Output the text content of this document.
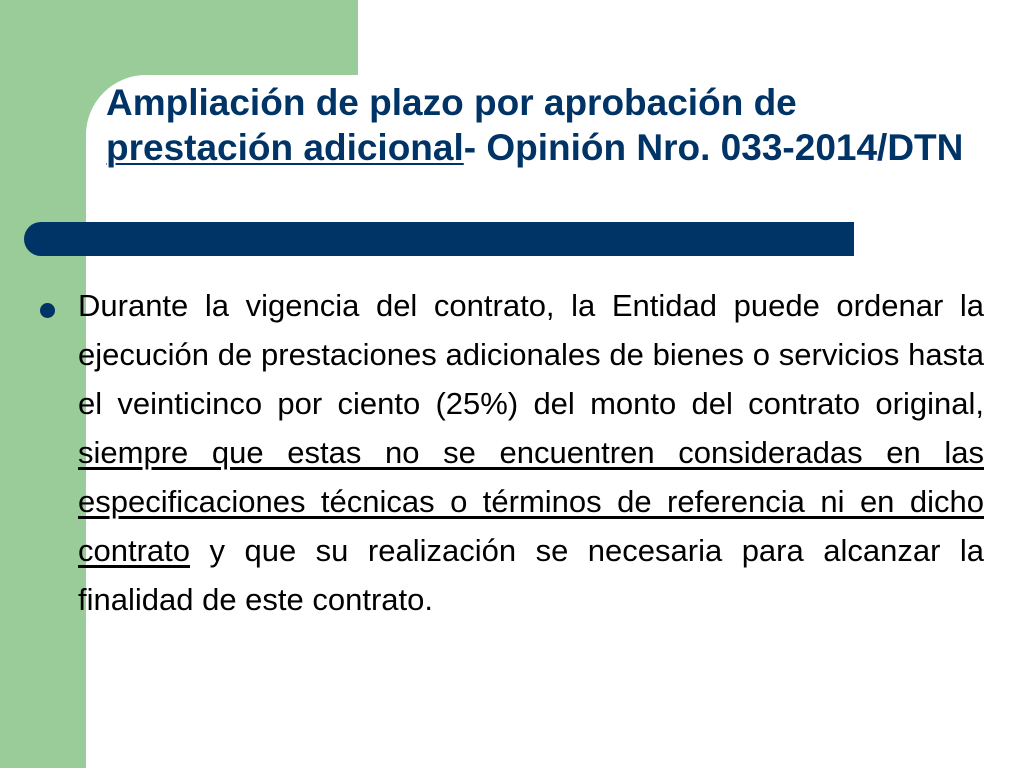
Ampliación de plazo por aprobación de prestación adicional- Opinión Nro. 033-2014/DTN

Durante la vigencia del contrato, la Entidad puede ordenar la ejecución de prestaciones adicionales de bienes o servicios hasta el veinticinco por ciento (25%) del monto del contrato original, siempre que estas no se encuentren consideradas en las especificaciones técnicas o términos de referencia ni en dicho contrato y que su realización se necesaria para alcanzar la finalidad de este contrato.
